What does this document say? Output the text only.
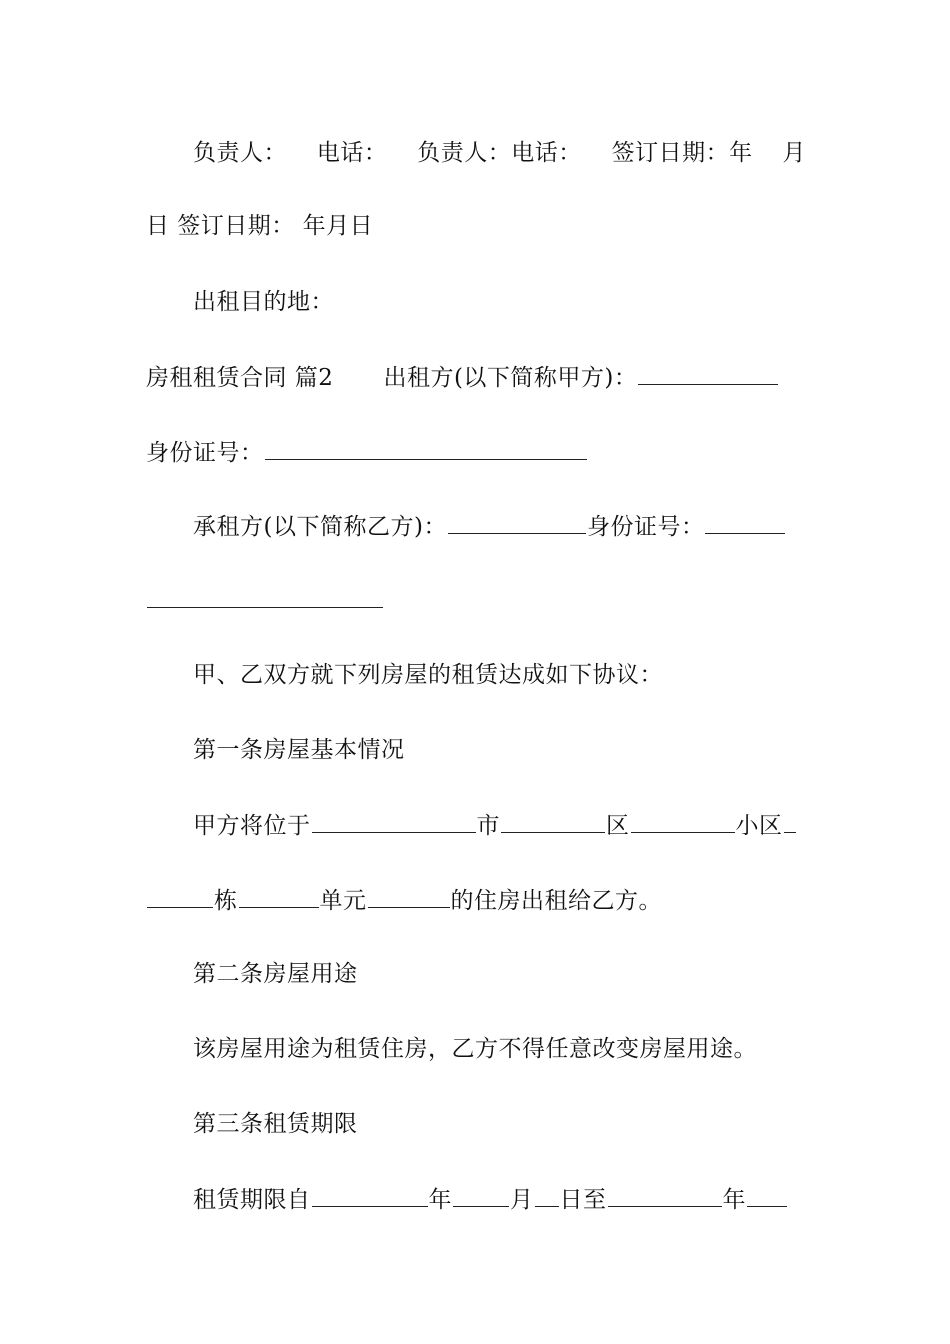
负责人： 电话： 负责人：电话： 签订日期：年 月
日 签订日期： 年月日
出租目的地：
房租租赁合同 篇2 出租方(以下简称甲方)：
身份证号：
承租方(以下简称乙方)：	身份证号：
甲、乙双方就下列房屋的租赁达成如下协议：
第一条房屋基本情况
甲方将位于	市	区	小区
栋	单元	的住房出租给乙方。
第二条房屋用途
该房屋用途为租赁住房，乙方不得任意改变房屋用途。
第三条租赁期限
租赁期限自	年	月 日至	年
